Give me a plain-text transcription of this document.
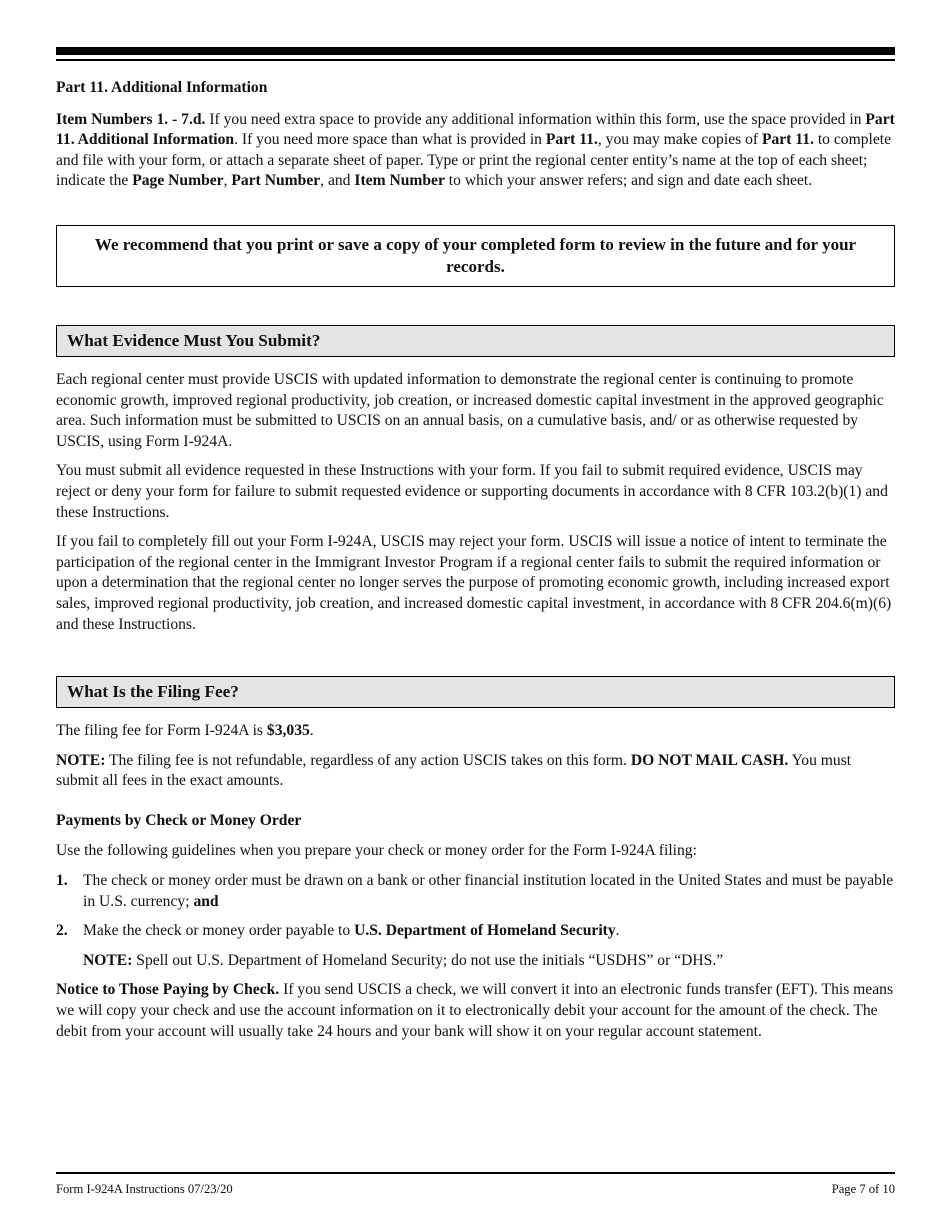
Part 11. Additional Information

Item Numbers 1. - 7.d. If you need extra space to provide any additional information within this form, use the space provided in Part 11. Additional Information. If you need more space than what is provided in Part 11., you may make copies of Part 11. to complete and file with your form, or attach a separate sheet of paper. Type or print the regional center entity’s name at the top of each sheet; indicate the Page Number, Part Number, and Item Number to which your answer refers; and sign and date each sheet.

We recommend that you print or save a copy of your completed form to review in the future and for your records.
What Evidence Must You Submit?

Each regional center must provide USCIS with updated information to demonstrate the regional center is continuing to promote economic growth, improved regional productivity, job creation, or increased domestic capital investment in the approved geographic area. Such information must be submitted to USCIS on an annual basis, on a cumulative basis, and/ or as otherwise requested by USCIS, using Form I-924A.

You must submit all evidence requested in these Instructions with your form. If you fail to submit required evidence, USCIS may reject or deny your form for failure to submit requested evidence or supporting documents in accordance with 8 CFR 103.2(b)(1) and these Instructions.

If you fail to completely fill out your Form I-924A, USCIS may reject your form. USCIS will issue a notice of intent to terminate the participation of the regional center in the Immigrant Investor Program if a regional center fails to submit the required information or upon a determination that the regional center no longer serves the purpose of promoting economic growth, including increased export sales, improved regional productivity, job creation, and increased domestic capital investment, in accordance with 8 CFR 204.6(m)(6) and these Instructions.

What Is the Filing Fee?

The filing fee for Form I-924A is $3,035.

NOTE: The filing fee is not refundable, regardless of any action USCIS takes on this form. DO NOT MAIL CASH. You must submit all fees in the exact amounts.

Payments by Check or Money Order

Use the following guidelines when you prepare your check or money order for the Form I-924A filing:

1. The check or money order must be drawn on a bank or other financial institution located in the United States and must be payable in U.S. currency; and
2. Make the check or money order payable to U.S. Department of Homeland Security.

NOTE: Spell out U.S. Department of Homeland Security; do not use the initials “USDHS” or “DHS.”

Notice to Those Paying by Check. If you send USCIS a check, we will convert it into an electronic funds transfer (EFT). This means we will copy your check and use the account information on it to electronically debit your account for the amount of the check. The debit from your account will usually take 24 hours and your bank will show it on your regular account statement.

Form I-924A Instructions 07/23/20	Page 7 of 10
